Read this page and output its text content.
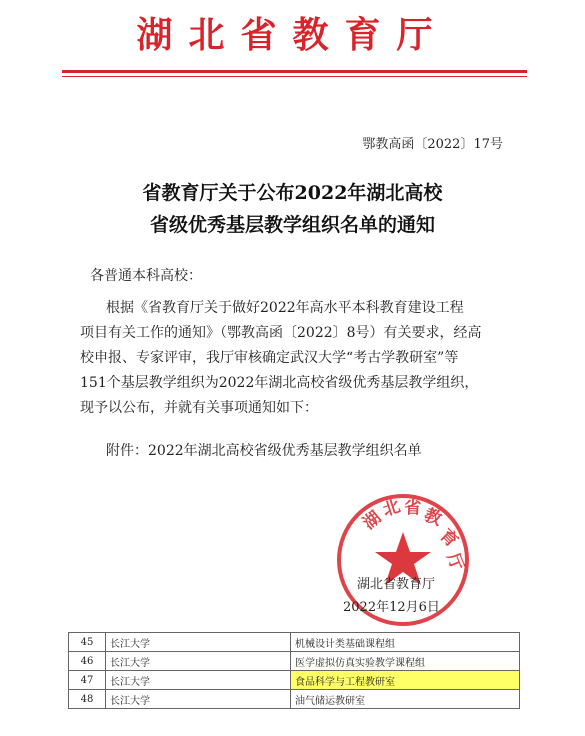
湖北省教育厅
鄂教高函〔2022〕17号
省教育厅关于公布2022年湖北高校
省级优秀基层教学组织名单的通知
各普通本科高校：
根据《省教育厅关于做好2022年高水平本科教育建设工程
项目有关工作的通知》（鄂教高函〔2022〕8号）有关要求，经高
校申报、专家评审，我厅审核确定武汉大学“考古学教研室”等
151个基层教学组织为2022年湖北高校省级优秀基层教学组织，
现予以公布，并就有关事项通知如下：
附件：2022年湖北高校省级优秀基层教学组织名单
湖
北 省 教
育
厅
湖北省教育厅
2022年12月6日
45	长江大学	机械设计类基础课程组
46	长江大学	医学虚拟仿真实验教学课程组
47	长江大学	食品科学与工程教研室
48	长江大学	油气储运教研室
